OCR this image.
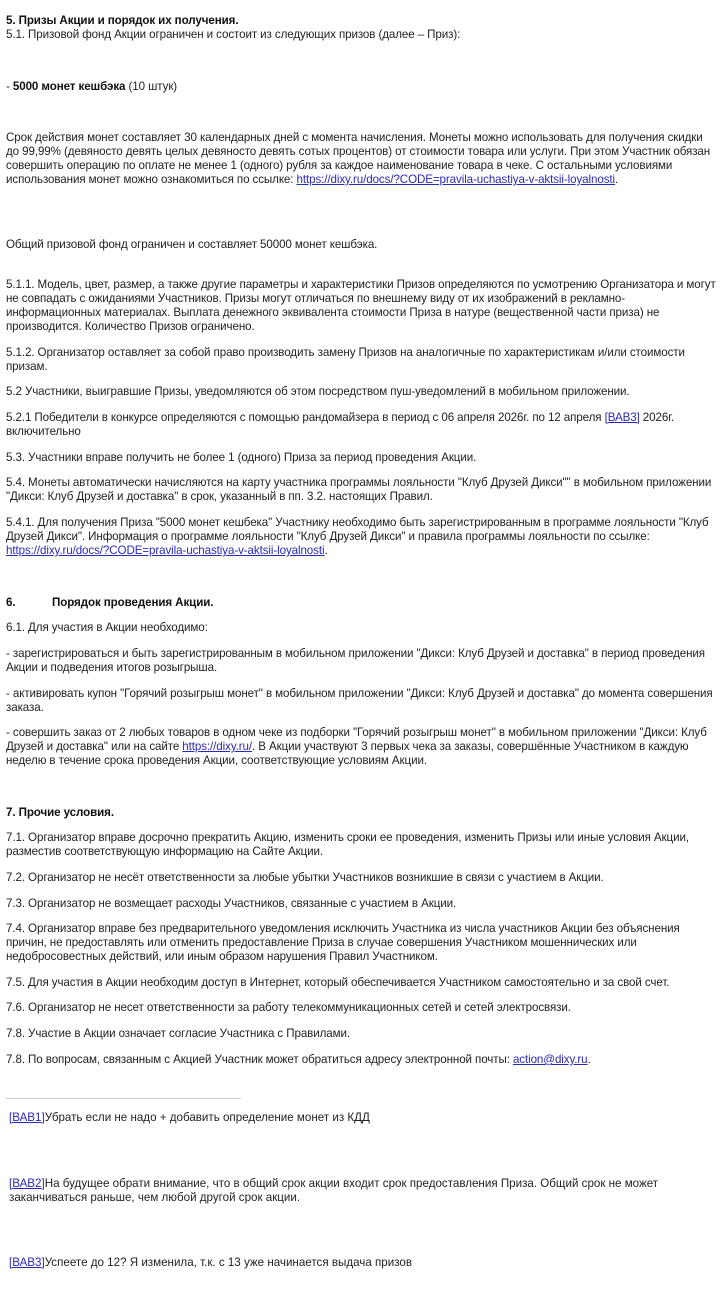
5. Призы Акции и порядок их получения.

5.1. Призовой фонд Акции ограничен и состоит из следующих призов (далее – Приз):

- 5000 монет кешбэка (10 штук)

Срок действия монет составляет 30 календарных дней с момента начисления. Монеты можно использовать для получения скидки до 99,99% (девяносто девять целых девяносто девять сотых процентов) от стоимости товара или услуги. При этом Участник обязан совершить операцию по оплате не менее 1 (одного) рубля за каждое наименование товара в чеке. С остальными условиями использования монет можно ознакомиться по ссылке: https://dixy.ru/docs/?CODE=pravila-uchastiya-v-aktsii-loyalnosti.

Общий призовой фонд ограничен и составляет 50000 монет кешбэка.

5.1.1. Модель, цвет, размер, а также другие параметры и характеристики Призов определяются по усмотрению Организатора и могут не совпадать с ожиданиями Участников. Призы могут отличаться по внешнему виду от их изображений в рекламно-информационных материалах. Выплата денежного эквивалента стоимости Приза в натуре (вещественной части приза) не производится. Количество Призов ограничено.

5.1.2. Организатор оставляет за собой право производить замену Призов на аналогичные по характеристикам и/или стоимости призам.

5.2 Участники, выигравшие Призы, уведомляются об этом посредством пуш-уведомлений в мобильном приложении.

5.2.1 Победители в конкурсе определяются с помощью рандомайзера в период с 06 апреля 2026г. по 12 апреля [ВАВ3] 2026г. включительно

5.3. Участники вправе получить не более 1 (одного) Приза за период проведения Акции.

5.4. Монеты автоматически начисляются на карту участника программы лояльности "Клуб Друзей Дикси"" в мобильном приложении "Дикси: Клуб Друзей и доставка" в срок, указанный в пп. 3.2. настоящих Правил.

5.4.1. Для получения Приза "5000 монет кешбека" Участнику необходимо быть зарегистрированным в программе лояльности "Клуб Друзей Дикси". Информация о программе лояльности "Клуб Друзей Дикси" и правила программы лояльности по ссылке: https://dixy.ru/docs/?CODE=pravila-uchastiya-v-aktsii-loyalnosti.

6.	Порядок проведения Акции.

6.1. Для участия в Акции необходимо:

- зарегистрироваться и быть зарегистрированным в мобильном приложении "Дикси: Клуб Друзей и доставка" в период проведения Акции и подведения итогов розыгрыша.

- активировать купон "Горячий розыгрыш монет" в мобильном приложении "Дикси: Клуб Друзей и доставка" до момента совершения заказа.

- совершить заказ от 2 любых товаров в одном чеке из подборки "Горячий розыгрыш монет" в мобильном приложении "Дикси: Клуб Друзей и доставка" или на сайте https://dixy.ru/. В Акции участвуют 3 первых чека за заказы, совершённые Участником в каждую неделю в течение срока проведения Акции, соответствующие условиям Акции.

7. Прочие условия.

7.1. Организатор вправе досрочно прекратить Акцию, изменить сроки ее проведения, изменить Призы или иные условия Акции, разместив соответствующую информацию на Сайте Акции.

7.2. Организатор не несёт ответственности за любые убытки Участников возникшие в связи с участием в Акции.

7.3. Организатор не возмещает расходы Участников, связанные с участием в Акции.

7.4. Организатор вправе без предварительного уведомления исключить Участника из числа участников Акции без объяснения причин, не предоставлять или отменить предоставление Приза в случае совершения Участником мошеннических или недобросовестных действий, или иным образом нарушения Правил Участником.

7.5. Для участия в Акции необходим доступ в Интернет, который обеспечивается Участником самостоятельно и за свой счет.

7.6. Организатор не несет ответственности за работу телекоммуникационных сетей и сетей электросвязи.

7.8. Участие в Акции означает согласие Участника с Правилами.

7.8. По вопросам, связанным с Акцией Участник может обратиться адресу электронной почты: action@dixy.ru.

[ВАВ1]Убрать если не надо + добавить определение монет из КДД

[ВАВ2]На будущее обрати внимание, что в общий срок акции входит срок предоставления Приза. Общий срок не может заканчиваться раньше, чем любой другой срок акции.

[ВАВ3]Успеете до 12? Я изменила, т.к. с 13 уже начинается выдача призов
